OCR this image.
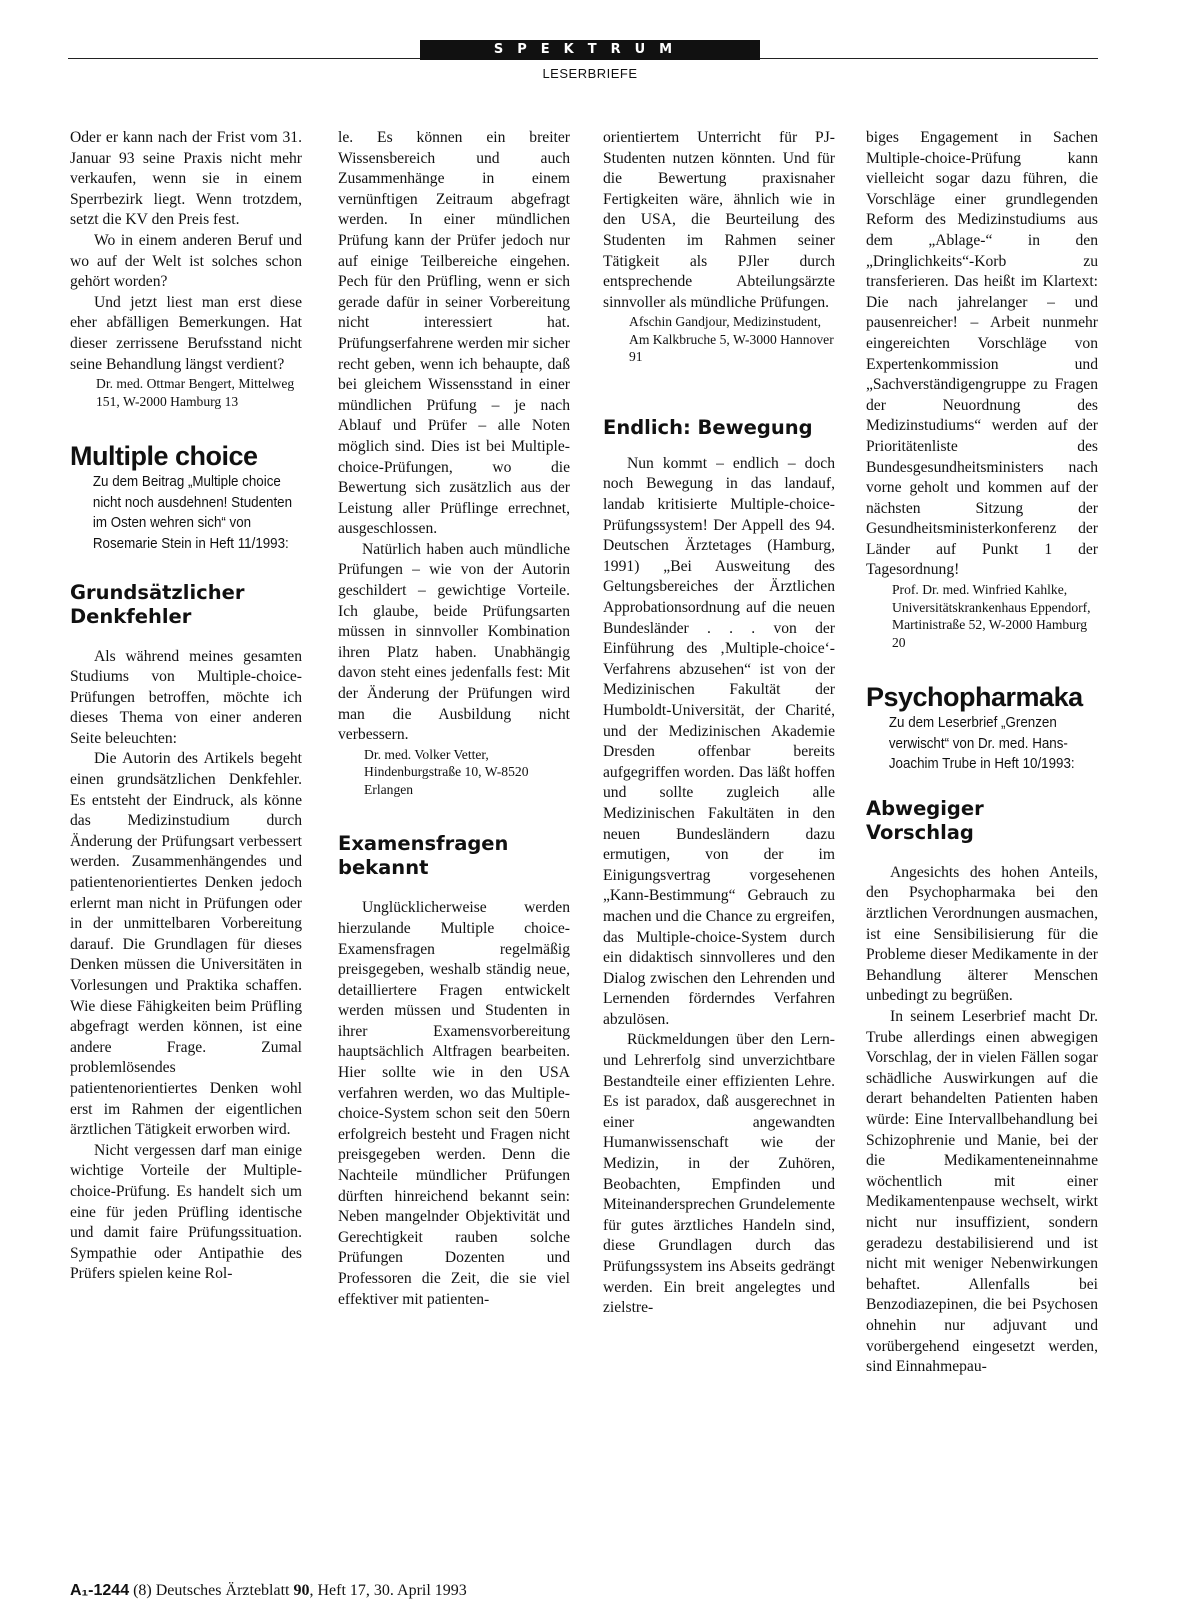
SPEKTRUM
LESERBRIEFE

Oder er kann nach der Frist vom 31. Januar 93 seine Praxis nicht mehr verkaufen, wenn sie in einem Sperrbezirk liegt. Wenn trotzdem, setzt die KV den Preis fest.

Wo in einem anderen Beruf und wo auf der Welt ist solches schon gehört worden?

Und jetzt liest man erst diese eher abfälligen Bemerkungen. Hat dieser zerrissene Berufsstand nicht seine Behandlung längst verdient?

Dr. med. Ottmar Bengert, Mittelweg 151, W-2000 Hamburg 13

Multiple choice

Zu dem Beitrag „Multiple choice nicht noch ausdehnen! Studenten im Osten wehren sich“ von Rosemarie Stein in Heft 11/1993:

Grundsätzlicher Denkfehler

Als während meines gesamten Studiums von Multiple-choice-Prüfungen betroffen, möchte ich dieses Thema von einer anderen Seite beleuchten:

Die Autorin des Artikels begeht einen grundsätzlichen Denkfehler. Es entsteht der Eindruck, als könne das Medizinstudium durch Änderung der Prüfungsart verbessert werden. Zusammenhängendes und patientenorientiertes Denken jedoch erlernt man nicht in Prüfungen oder in der unmittelbaren Vorbereitung darauf. Die Grundlagen für dieses Denken müssen die Universitäten in Vorlesungen und Praktika schaffen. Wie diese Fähigkeiten beim Prüfling abgefragt werden können, ist eine andere Frage. Zumal problemlösendes patientenorientiertes Denken wohl erst im Rahmen der eigentlichen ärztlichen Tätigkeit erworben wird.

Nicht vergessen darf man einige wichtige Vorteile der Multiple-choice-Prüfung. Es handelt sich um eine für jeden Prüfling identische und damit faire Prüfungssituation. Sympathie oder Antipathie des Prüfers spielen keine Rol-

le. Es können ein breiter Wissensbereich und auch Zusammenhänge in einem vernünftigen Zeitraum abgefragt werden. In einer mündlichen Prüfung kann der Prüfer jedoch nur auf einige Teilbereiche eingehen. Pech für den Prüfling, wenn er sich gerade dafür in seiner Vorbereitung nicht interessiert hat. Prüfungserfahrene werden mir sicher recht geben, wenn ich behaupte, daß bei gleichem Wissensstand in einer mündlichen Prüfung – je nach Ablauf und Prüfer – alle Noten möglich sind. Dies ist bei Multiple-choice-Prüfungen, wo die Bewertung sich zusätzlich aus der Leistung aller Prüflinge errechnet, ausgeschlossen.

Natürlich haben auch mündliche Prüfungen – wie von der Autorin geschildert – gewichtige Vorteile. Ich glaube, beide Prüfungsarten müssen in sinnvoller Kombination ihren Platz haben. Unabhängig davon steht eines jedenfalls fest: Mit der Änderung der Prüfungen wird man die Ausbildung nicht verbessern.

Dr. med. Volker Vetter, Hindenburgstraße 10, W-8520 Erlangen

Examensfragen bekannt

Unglücklicherweise werden hierzulande Multiple choice-Examensfragen regelmäßig preisgegeben, weshalb ständig neue, detailliertere Fragen entwickelt werden müssen und Studenten in ihrer Examensvorbereitung hauptsächlich Altfragen bearbeiten. Hier sollte wie in den USA verfahren werden, wo das Multiple-choice-System schon seit den 50ern erfolgreich besteht und Fragen nicht preisgegeben werden. Denn die Nachteile mündlicher Prüfungen dürften hinreichend bekannt sein: Neben mangelnder Objektivität und Gerechtigkeit rauben solche Prüfungen Dozenten und Professoren die Zeit, die sie viel effektiver mit patienten-

orientiertem Unterricht für PJ-Studenten nutzen könnten. Und für die Bewertung praxisnaher Fertigkeiten wäre, ähnlich wie in den USA, die Beurteilung des Studenten im Rahmen seiner Tätigkeit als PJler durch entsprechende Abteilungsärzte sinnvoller als mündliche Prüfungen.

Afschin Gandjour, Medizinstudent, Am Kalkbruche 5, W-3000 Hannover 91

Endlich: Bewegung

Nun kommt – endlich – doch noch Bewegung in das landauf, landab kritisierte Multiple-choice-Prüfungssystem! Der Appell des 94. Deutschen Ärztetages (Hamburg, 1991) „Bei Ausweitung des Geltungsbereiches der Ärztlichen Approbationsordnung auf die neuen Bundesländer . . . von der Einführung des ‚Multiple-choice‘-Verfahrens abzusehen“ ist von der Medizinischen Fakultät der Humboldt-Universität, der Charité, und der Medizinischen Akademie Dresden offenbar bereits aufgegriffen worden. Das läßt hoffen und sollte zugleich alle Medizinischen Fakultäten in den neuen Bundesländern dazu ermutigen, von der im Einigungsvertrag vorgesehenen „Kann-Bestimmung“ Gebrauch zu machen und die Chance zu ergreifen, das Multiple-choice-System durch ein didaktisch sinnvolleres und den Dialog zwischen den Lehrenden und Lernenden förderndes Verfahren abzulösen.

Rückmeldungen über den Lern- und Lehrerfolg sind unverzichtbare Bestandteile einer effizienten Lehre. Es ist paradox, daß ausgerechnet in einer angewandten Humanwissenschaft wie der Medizin, in der Zuhören, Beobachten, Empfinden und Miteinandersprechen Grundelemente für gutes ärztliches Handeln sind, diese Grundlagen durch das Prüfungssystem ins Abseits gedrängt werden. Ein breit angelegtes und zielstre-

biges Engagement in Sachen Multiple-choice-Prüfung kann vielleicht sogar dazu führen, die Vorschläge einer grundlegenden Reform des Medizinstudiums aus dem „Ablage-“ in den „Dringlichkeits“-Korb zu transferieren. Das heißt im Klartext: Die nach jahrelanger – und pausenreicher! – Arbeit nunmehr eingereichten Vorschläge von Expertenkommission und „Sachverständigengruppe zu Fragen der Neuordnung des Medizinstudiums“ werden auf der Prioritätenliste des Bundesgesundheitsministers nach vorne geholt und kommen auf der nächsten Sitzung der Gesundheitsministerkonferenz der Länder auf Punkt 1 der Tagesordnung!

Prof. Dr. med. Winfried Kahlke, Universitätskrankenhaus Eppendorf, Martinistraße 52, W-2000 Hamburg 20

Psychopharmaka

Zu dem Leserbrief „Grenzen verwischt“ von Dr. med. Hans-Joachim Trube in Heft 10/1993:

Abwegiger Vorschlag

Angesichts des hohen Anteils, den Psychopharmaka bei den ärztlichen Verordnungen ausmachen, ist eine Sensibilisierung für die Probleme dieser Medikamente in der Behandlung älterer Menschen unbedingt zu begrüßen.

In seinem Leserbrief macht Dr. Trube allerdings einen abwegigen Vorschlag, der in vielen Fällen sogar schädliche Auswirkungen auf die derart behandelten Patienten haben würde: Eine Intervallbehandlung bei Schizophrenie und Manie, bei der die Medikamenteneinnahme wöchentlich mit einer Medikamentenpause wechselt, wirkt nicht nur insuffizient, sondern geradezu destabilisierend und ist nicht mit weniger Nebenwirkungen behaftet. Allenfalls bei Benzodiazepinen, die bei Psychosen ohnehin nur adjuvant und vorübergehend eingesetzt werden, sind Einnahmepau-

A₁-1244 (8) Deutsches Ärzteblatt 90, Heft 17, 30. April 1993
